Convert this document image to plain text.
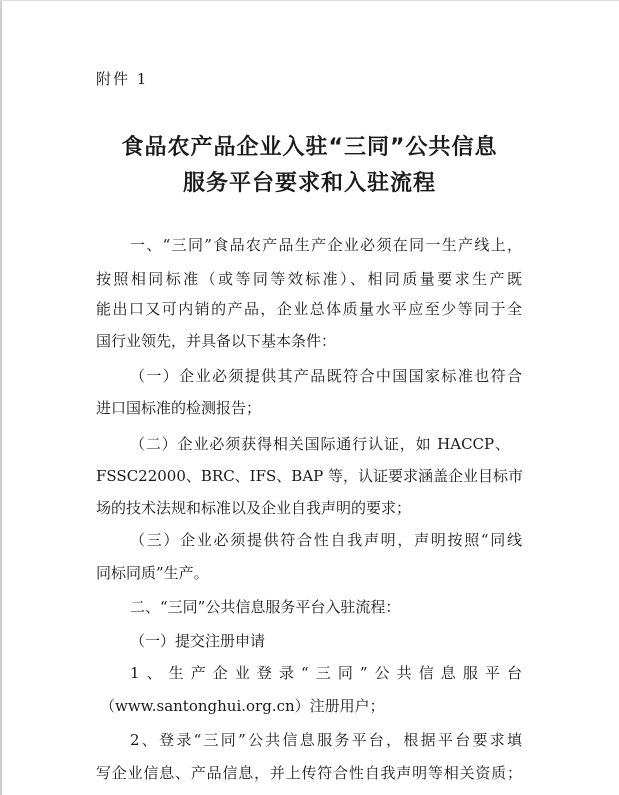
附件 1
食品农产品企业入驻“三同”公共信息
服务平台要求和入驻流程
一、“三同”食品农产品生产企业必须在同一生产线上，
按照相同标准（或等同等效标准）、相同质量要求生产既
能出口又可内销的产品，企业总体质量水平应至少等同于全
国行业领先，并具备以下基本条件：
（一）企业必须提供其产品既符合中国国家标准也符合
进口国标准的检测报告；
（二）企业必须获得相关国际通行认证，如 HACCP、
FSSC22000、BRC、IFS、BAP 等，认证要求涵盖企业目标市
场的技术法规和标准以及企业自我声明的要求；
（三）企业必须提供符合性自我声明，声明按照“同线
同标同质”生产。
二、“三同”公共信息服务平台入驻流程：
（一）提交注册申请
1、生产企业登录“三同”公共信息服平台
（www.santonghui.org.cn）注册用户；
2、登录“三同”公共信息服务平台，根据平台要求填
写企业信息、产品信息，并上传符合性自我声明等相关资质；
